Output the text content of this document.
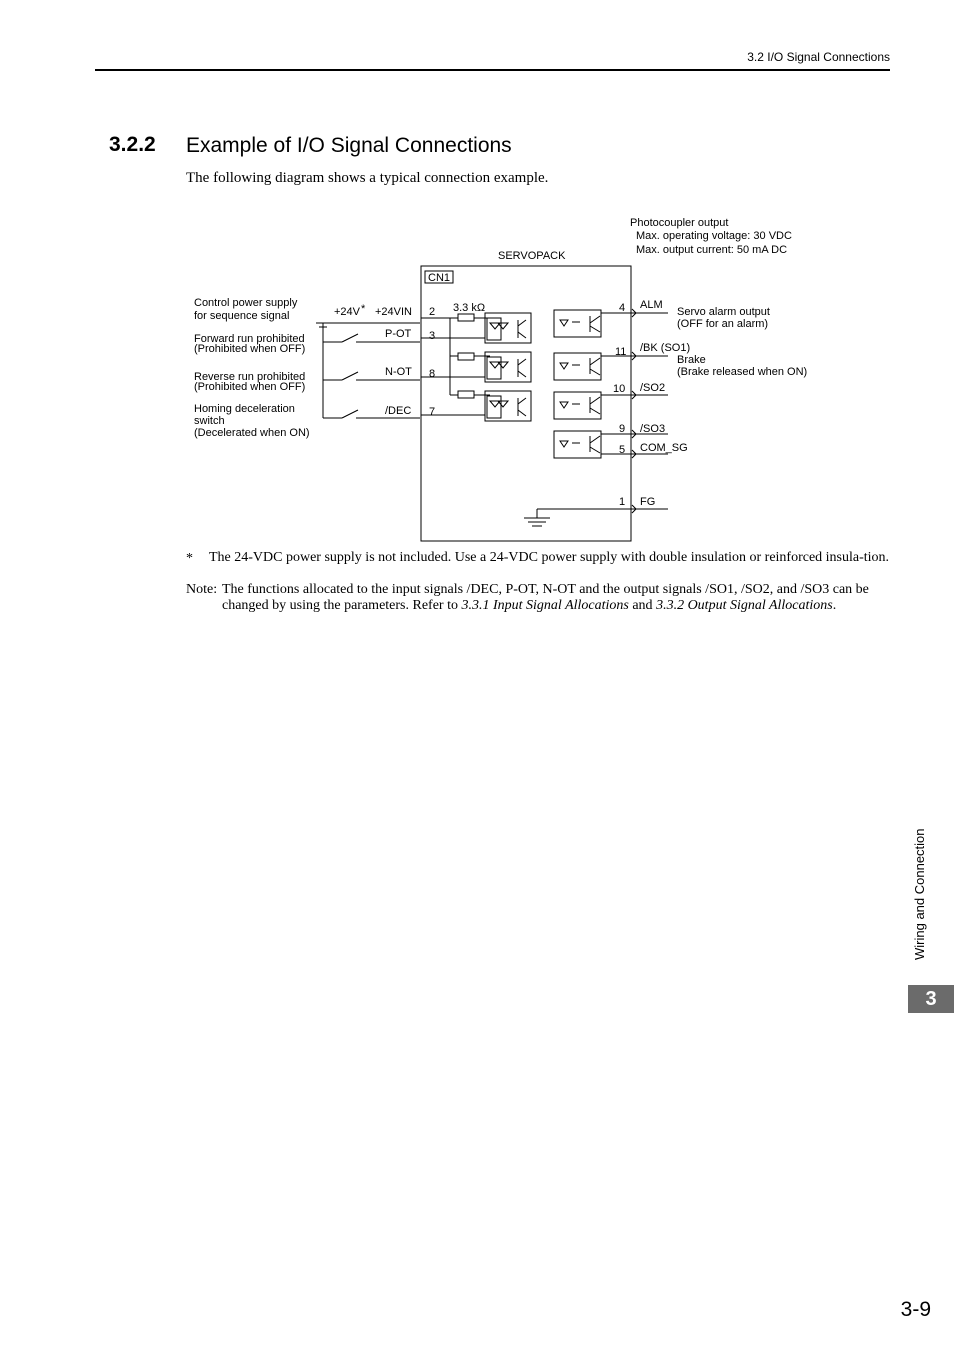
3.2 I/O Signal Connections
3.2.2 Example of I/O Signal Connections
The following diagram shows a typical connection example.
SERVOPACK
CN1
Photocoupler output
Max. operating voltage: 30 VDC
Max. output current: 50 mA DC
3.3 kΩ
+24V *
Control power supply
for sequence signal	+24VIN 2
Forward run prohibited
(Prohibited when OFF)
P-OT 3
Reverse run prohibited
(Prohibited when OFF)
N-OT 8
Homing deceleration
switch
(Decelerated when ON)
/DEC 7
4 ALM
Servo alarm output
(OFF for an alarm)
11 /BK (SO1)
Brake
(Brake released when ON)
10 /SO2
9 /SO3
5 COM_SG
1 FG
* The 24-VDC power supply is not included. Use a 24-VDC power supply with double insulation or reinforced insula-tion.
Note: The functions allocated to the input signals /DEC, P-OT, N-OT and the output signals /SO1, /SO2, and /SO3 can be changed by using the parameters. Refer to 3.3.1 Input Signal Allocations and 3.3.2 Output Signal Allocations.
Wiring and Connection
3
3-9
